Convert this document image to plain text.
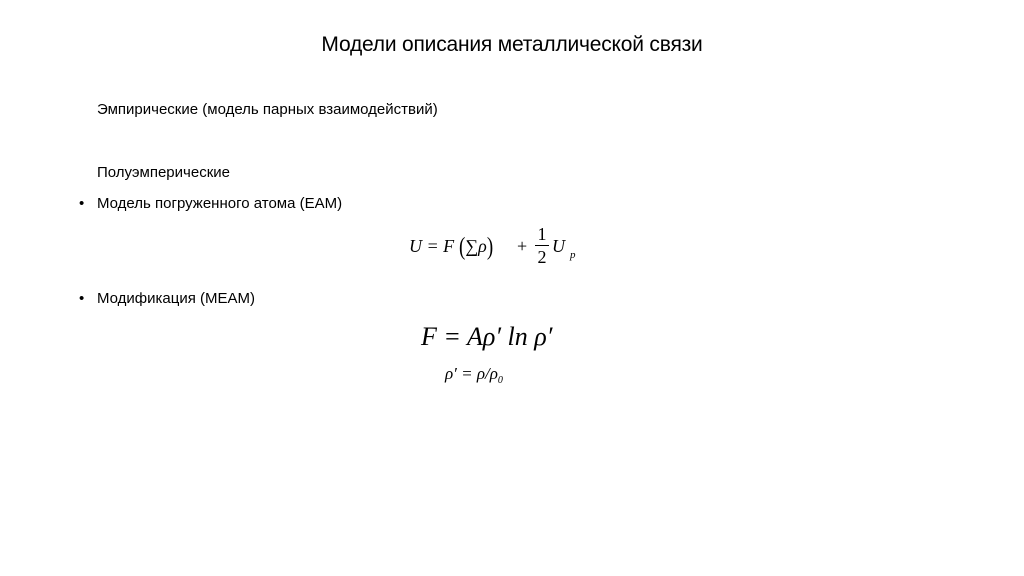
Модели описания металлической связи
Эмпирические (модель парных взаимодействий)
Полуэмперические
• Модель погруженного атома (EAM)
U = F (∑ρ) +
1
2
U $_p$
• Модификация (MEAM)
F = Aρ′ ln ρ′
$\rho' = \rho/\rho_0$
